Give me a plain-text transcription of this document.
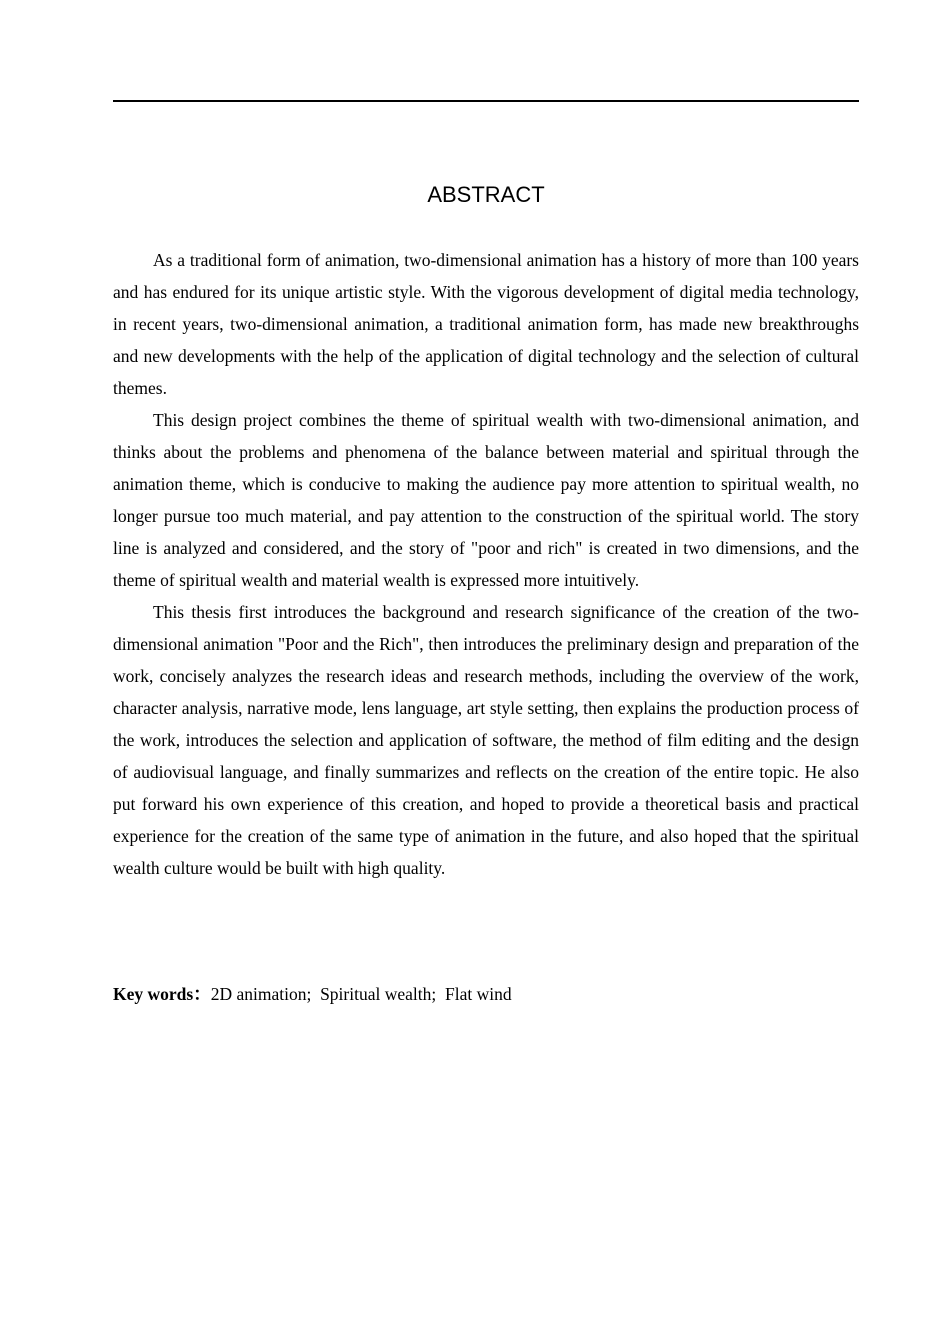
ABSTRACT

As a traditional form of animation, two-dimensional animation has a history of more than 100 years and has endured for its unique artistic style. With the vigorous development of digital media technology, in recent years, two-dimensional animation, a traditional animation form, has made new breakthroughs and new developments with the help of the application of digital technology and the selection of cultural themes.

This design project combines the theme of spiritual wealth with two-dimensional animation, and thinks about the problems and phenomena of the balance between material and spiritual through the animation theme, which is conducive to making the audience pay more attention to spiritual wealth, no longer pursue too much material, and pay attention to the construction of the spiritual world. The story line is analyzed and considered, and the story of "poor and rich" is created in two dimensions, and the theme of spiritual wealth and material wealth is expressed more intuitively.

This thesis first introduces the background and research significance of the creation of the two-dimensional animation "Poor and the Rich", then introduces the preliminary design and preparation of the work, concisely analyzes the research ideas and research methods, including the overview of the work, character analysis, narrative mode, lens language, art style setting, then explains the production process of the work, introduces the selection and application of software, the method of film editing and the design of audiovisual language, and finally summarizes and reflects on the creation of the entire topic. He also put forward his own experience of this creation, and hoped to provide a theoretical basis and practical experience for the creation of the same type of animation in the future, and also hoped that the spiritual wealth culture would be built with high quality.

Key words：2D animation; Spiritual wealth; Flat wind
